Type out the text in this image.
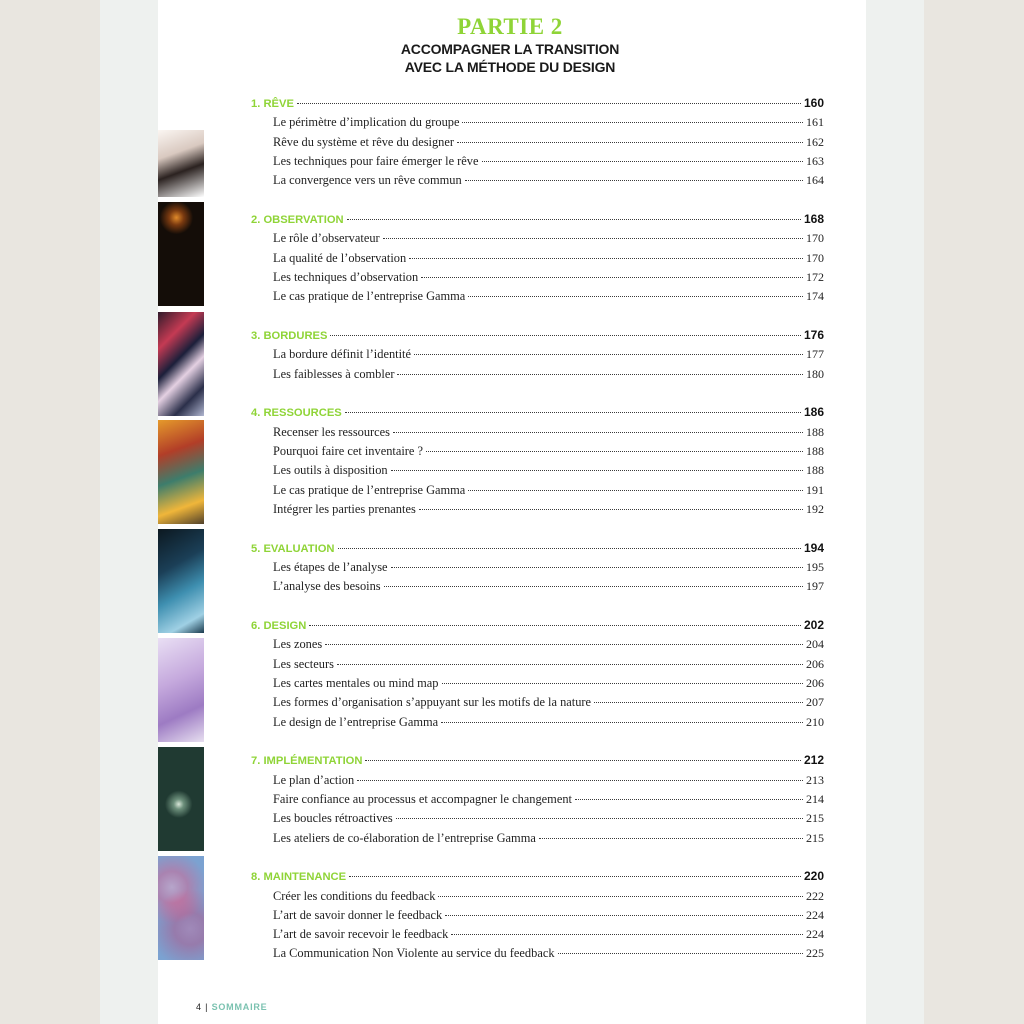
PARTIE 2
ACCOMPAGNER LA TRANSITION
AVEC LA MÉTHODE DU DESIGN
1. RÊVE	160
Le périmètre d’implication du groupe	161
Rêve du système et rêve du designer	162
Les techniques pour faire émerger le rêve	163
La convergence vers un rêve commun	164
2. OBSERVATION	168
Le rôle d’observateur	170
La qualité de l’observation	170
Les techniques d’observation	172
Le cas pratique de l’entreprise Gamma	174
3. BORDURES	176
La bordure définit l’identité	177
Les faiblesses à combler	180
4. RESSOURCES	186
Recenser les ressources	188
Pourquoi faire cet inventaire ?	188
Les outils à disposition	188
Le cas pratique de l’entreprise Gamma	191
Intégrer les parties prenantes	192
5. EVALUATION	194
Les étapes de l’analyse	195
L’analyse des besoins	197
6. DESIGN	202
Les zones	204
Les secteurs	206
Les cartes mentales ou mind map	206
Les formes d’organisation s’appuyant sur les motifs de la nature	207
Le design de l’entreprise Gamma	210
7. IMPLÉMENTATION	212
Le plan d’action	213
Faire confiance au processus et accompagner le changement	214
Les boucles rétroactives	215
Les ateliers de co-élaboration de l’entreprise Gamma	215
8. MAINTENANCE	220
Créer les conditions du feedback	222
L’art de savoir donner le feedback	224
L’art de savoir recevoir le feedback	224
La Communication Non Violente au service du feedback	225
4 | SOMMAIRE
